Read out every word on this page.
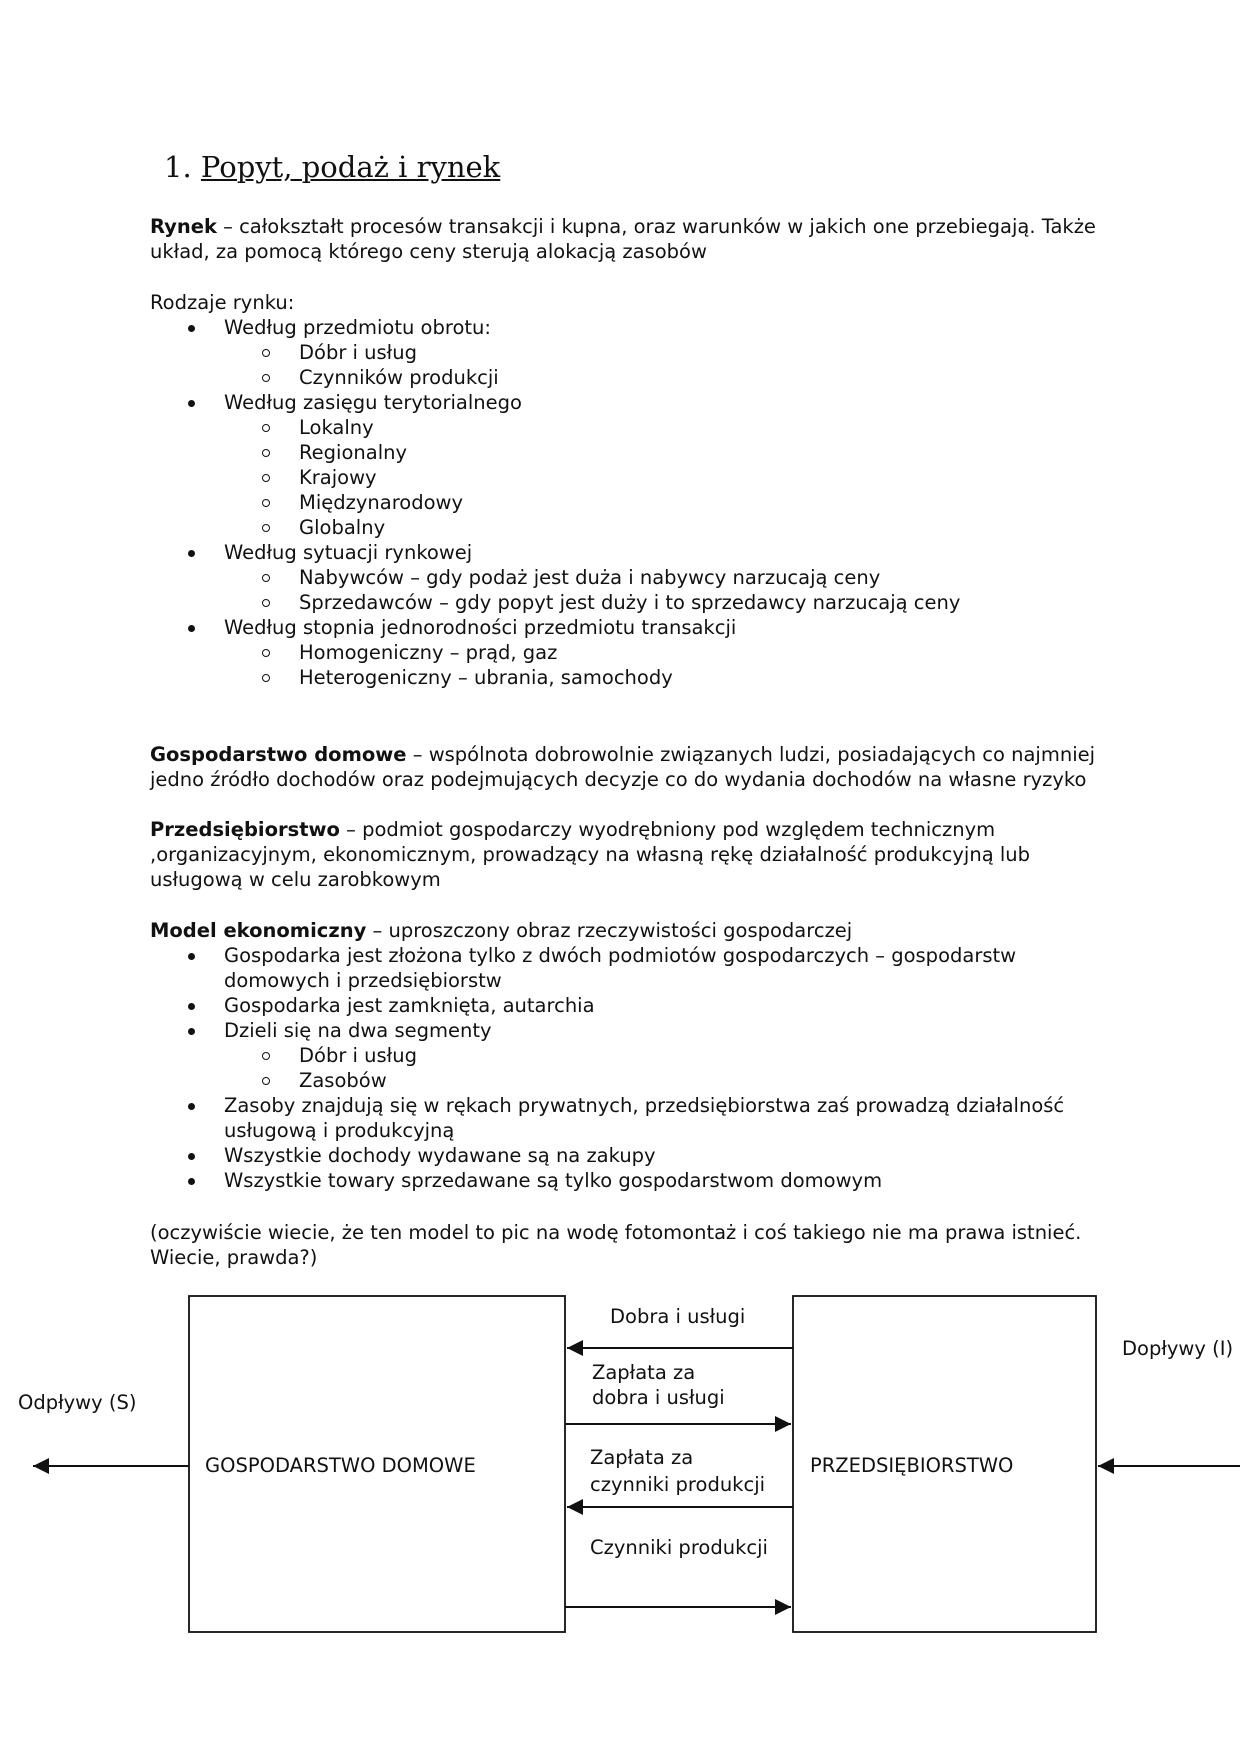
1. Popyt, podaż i rynek

Rynek – całokształt procesów transakcji i kupna, oraz warunków w jakich one przebiegają. Także układ, za pomocą którego ceny sterują alokacją zasobów

Rodzaje rynku:

Według przedmiotu obrotu:
Dóbr i usług
Czynników produkcji
Według zasięgu terytorialnego
Lokalny
Regionalny
Krajowy
Międzynarodowy
Globalny
Według sytuacji rynkowej
Nabywców – gdy podaż jest duża i nabywcy narzucają ceny
Sprzedawców – gdy popyt jest duży i to sprzedawcy narzucają ceny
Według stopnia jednorodności przedmiotu transakcji
Homogeniczny – prąd, gaz
Heterogeniczny – ubrania, samochody

Gospodarstwo domowe – wspólnota dobrowolnie związanych ludzi, posiadających co najmniej jedno źródło dochodów oraz podejmujących decyzje co do wydania dochodów na własne ryzyko

Przedsiębiorstwo – podmiot gospodarczy wyodrębniony pod względem technicznym ,organizacyjnym, ekonomicznym, prowadzący na własną rękę działalność produkcyjną lub usługową w celu zarobkowym

Model ekonomiczny – uproszczony obraz rzeczywistości gospodarczej

Gospodarka jest złożona tylko z dwóch podmiotów gospodarczych – gospodarstw domowych i przedsiębiorstw
Gospodarka jest zamknięta, autarchia
Dzieli się na dwa segmenty
Dóbr i usług
Zasobów
Zasoby znajdują się w rękach prywatnych, przedsiębiorstwa zaś prowadzą działalność usługową i produkcyjną
Wszystkie dochody wydawane są na zakupy
Wszystkie towary sprzedawane są tylko gospodarstwom domowym

(oczywiście wiecie, że ten model to pic na wodę fotomontaż i coś takiego nie ma prawa istnieć. Wiecie, prawda?)

GOSPODARSTWO DOMOWE	PRZEDSIĘBIORSTWO
Odpływy (S)
Dopływy (I)
Dobra i usługi
Zapłata za
dobra i usługi
Zapłata za
czynniki produkcji
Czynniki produkcji
